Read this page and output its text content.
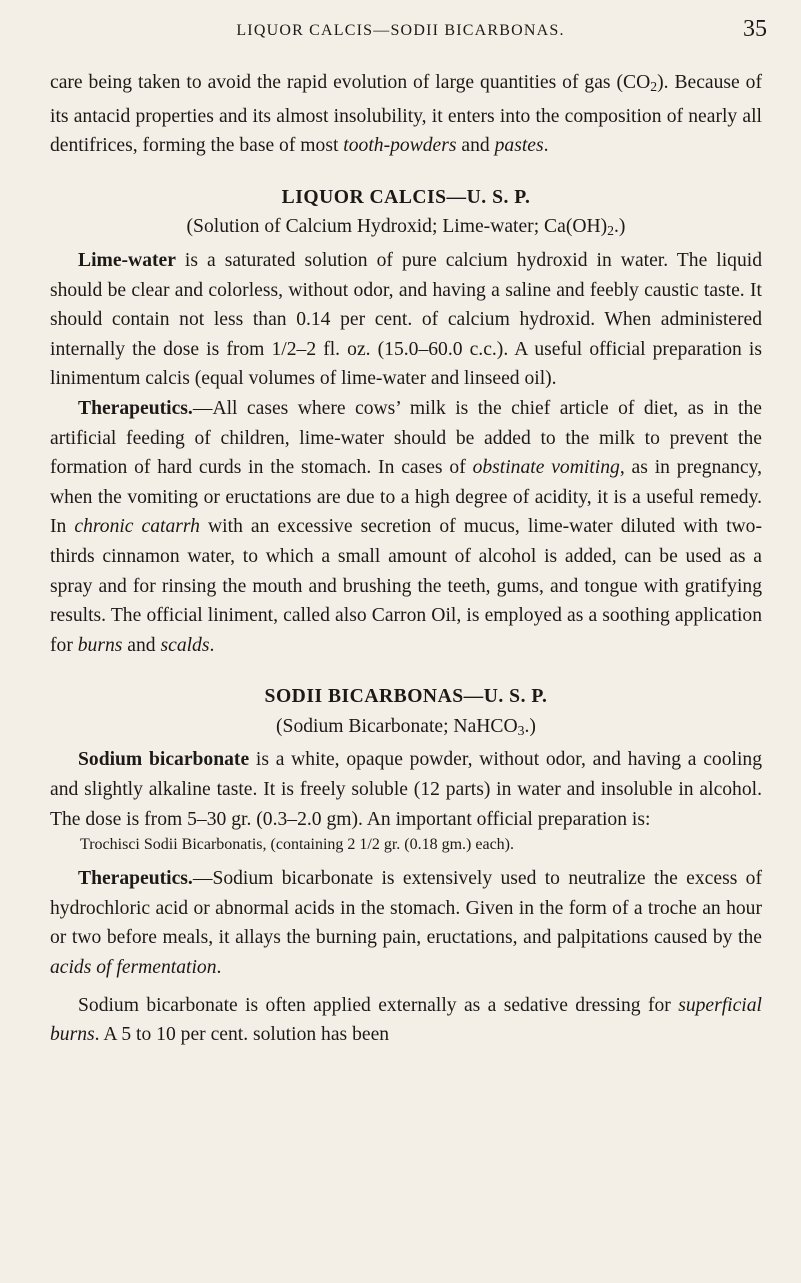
LIQUOR CALCIS—SODII BICARBONAS.	35

care being taken to avoid the rapid evolution of large quantities of gas (CO2). Because of its antacid properties and its almost insolubility, it enters into the composition of nearly all dentifrices, forming the base of most tooth-powders and pastes.

LIQUOR CALCIS—U. S. P.

(Solution of Calcium Hydroxid; Lime-water; Ca(OH)2.)

Lime-water is a saturated solution of pure calcium hydroxid in water. The liquid should be clear and colorless, without odor, and having a saline and feebly caustic taste. It should contain not less than 0.14 per cent. of calcium hydroxid. When administered internally the dose is from 1/2–2 fl. oz. (15.0–60.0 c.c.). A useful official preparation is linimentum calcis (equal volumes of lime-water and linseed oil).

Therapeutics.—All cases where cows’ milk is the chief article of diet, as in the artificial feeding of children, lime-water should be added to the milk to prevent the formation of hard curds in the stomach. In cases of obstinate vomiting, as in pregnancy, when the vomiting or eructations are due to a high degree of acidity, it is a useful remedy. In chronic catarrh with an excessive secretion of mucus, lime-water diluted with two-thirds cinnamon water, to which a small amount of alcohol is added, can be used as a spray and for rinsing the mouth and brushing the teeth, gums, and tongue with gratifying results. The official liniment, called also Carron Oil, is employed as a soothing application for burns and scalds.

SODII BICARBONAS—U. S. P.

(Sodium Bicarbonate; NaHCO3.)

Sodium bicarbonate is a white, opaque powder, without odor, and having a cooling and slightly alkaline taste. It is freely soluble (12 parts) in water and insoluble in alcohol. The dose is from 5–30 gr. (0.3–2.0 gm). An important official preparation is:

Trochisci Sodii Bicarbonatis, (containing 2 1/2 gr. (0.18 gm.) each).

Therapeutics.—Sodium bicarbonate is extensively used to neutralize the excess of hydrochloric acid or abnormal acids in the stomach. Given in the form of a troche an hour or two before meals, it allays the burning pain, eructations, and palpitations caused by the acids of fermentation.

Sodium bicarbonate is often applied externally as a sedative dressing for superficial burns. A 5 to 10 per cent. solution has been
